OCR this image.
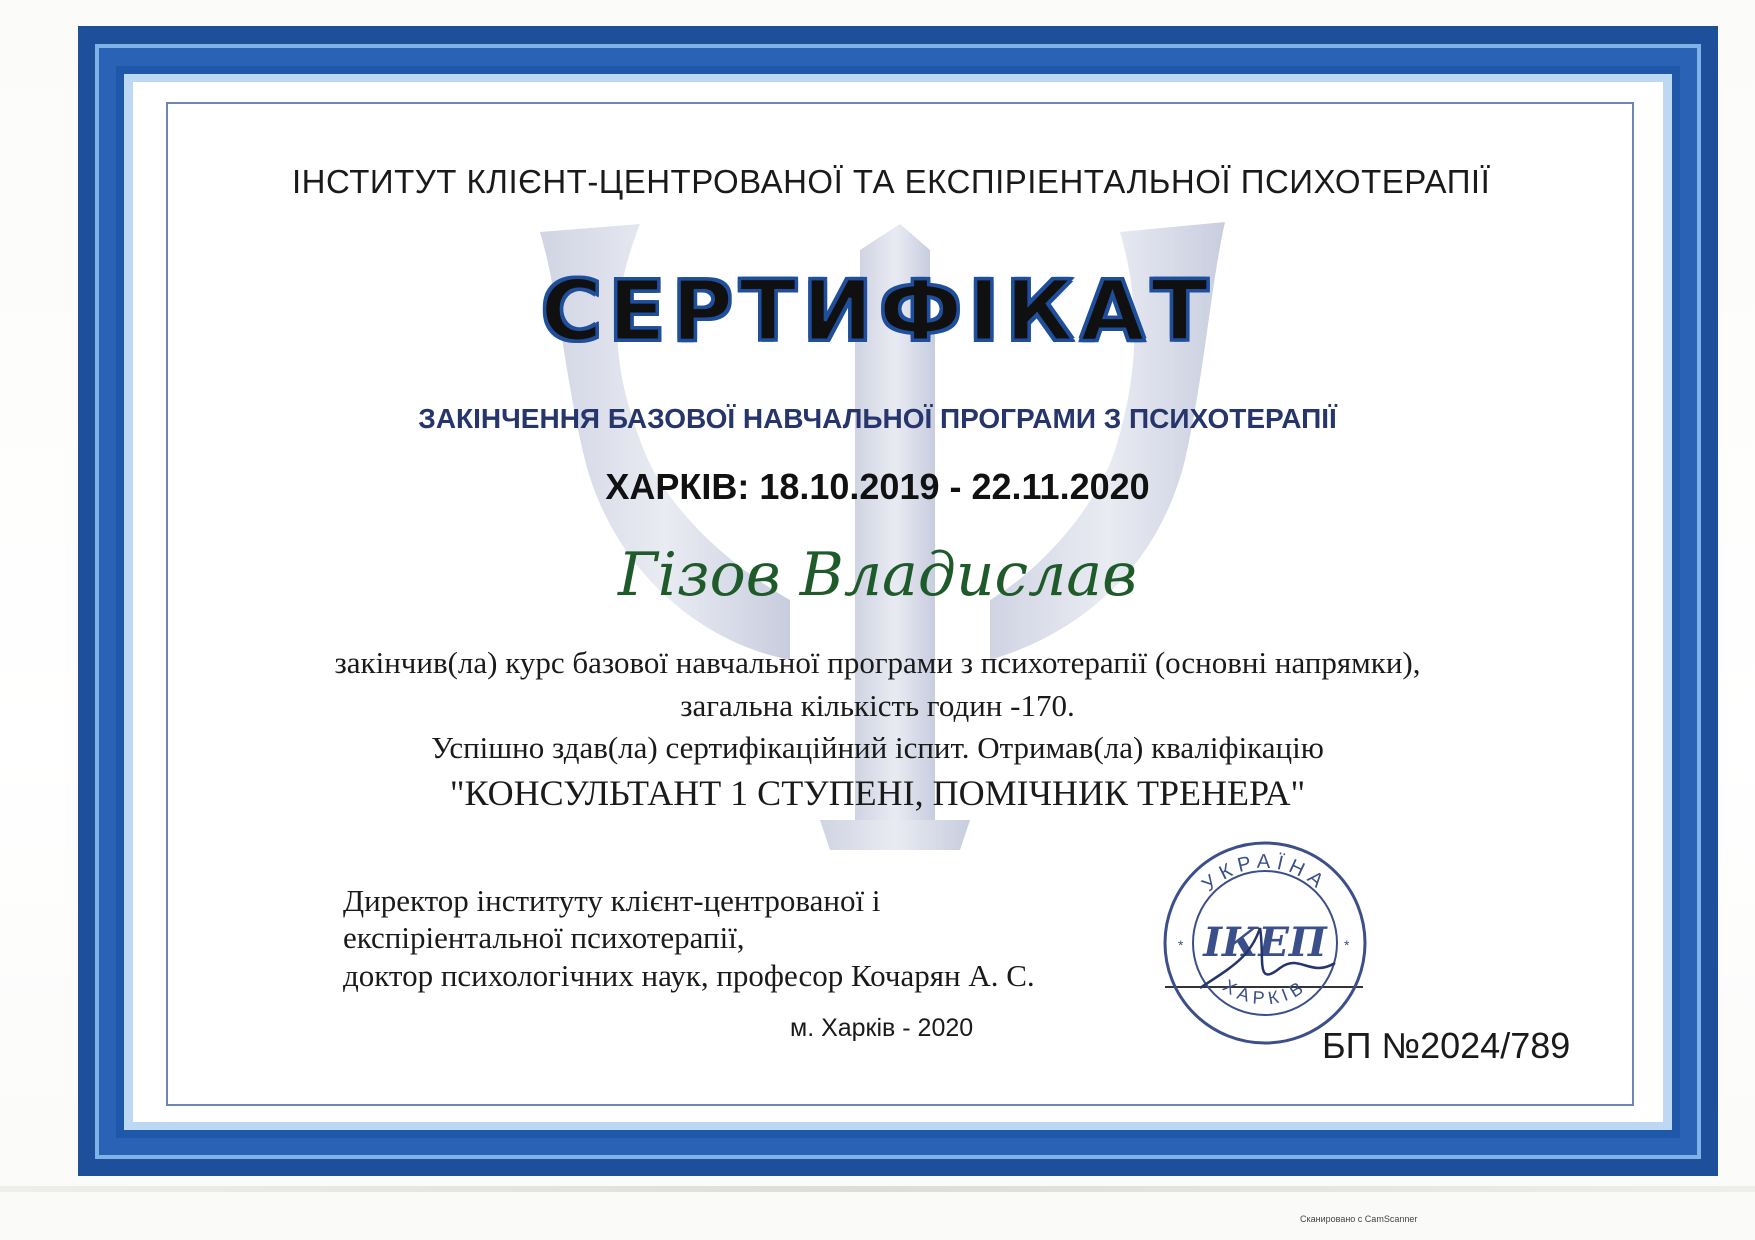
ІНСТИТУТ КЛІЄНТ-ЦЕНТРОВАНОЇ ТА ЕКСПІРІЕНТАЛЬНОЇ ПСИХОТЕРАПІЇ
СЕРТИФІКАТ
ЗАКІНЧЕННЯ БАЗОВОЇ НАВЧАЛЬНОЇ ПРОГРАМИ З ПСИХОТЕРАПІЇ
ХАРКІВ: 18.10.2019 - 22.11.2020
Гізов Владислав
закінчив(ла) курс базової навчальної програми з психотерапії (основні напрямки),
загальна кількість годин -170.
Успішно здав(ла) сертифікаційний іспит. Отримав(ла) кваліфікацію
"КОНСУЛЬТАНТ 1 СТУПЕНІ, ПОМІЧНИК ТРЕНЕРА"
Директор інституту клієнт-центрованої і
експіріентальної психотерапії,
доктор психологічних наук, професор Кочарян А. С.
УКРАЇНА
ХАРКІВ
ІКЕП
*	*
м. Харків - 2020	БП №2024/789
Сканировано с CamScanner
